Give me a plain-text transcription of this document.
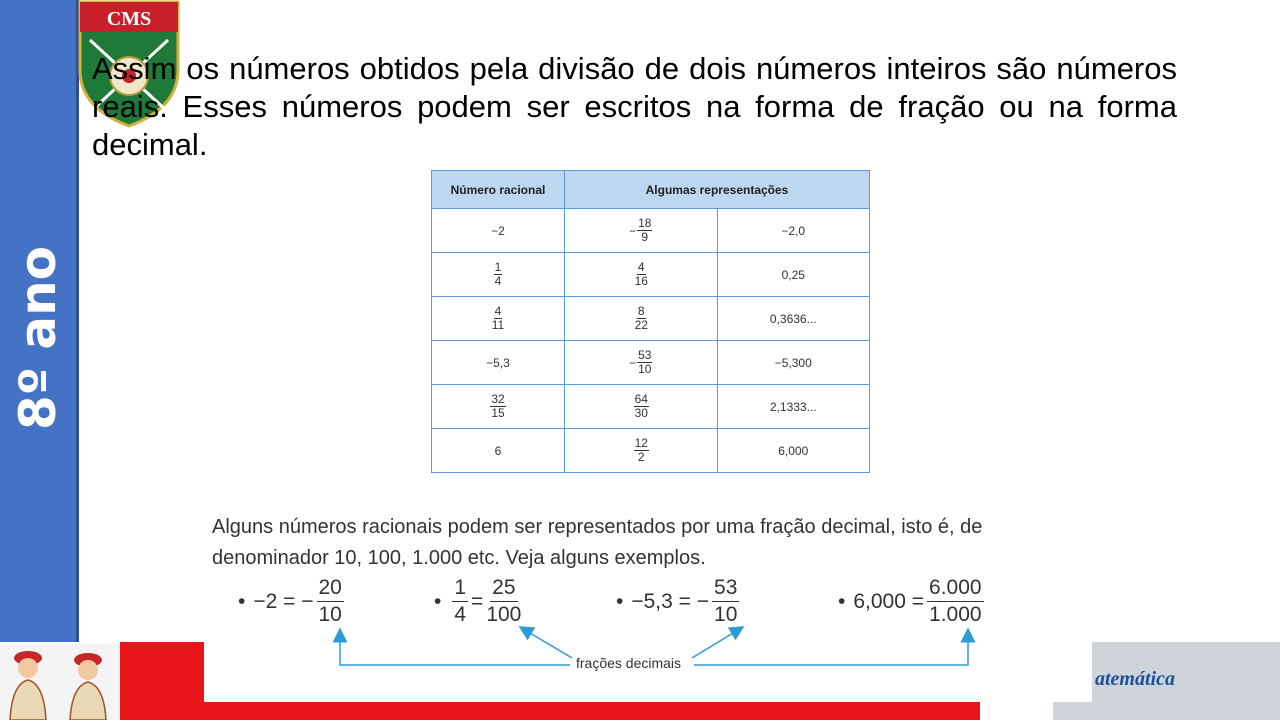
8º ano
CMS

Assim os números obtidos pela divisão de dois números inteiros são números reais. Esses números podem ser escritos na forma de fração ou na forma decimal.

Número racional	Algumas representações	
−2	− $\frac{18}{9}$	−2,0

$\frac{1}{4}$	$\frac{4}{16}$	0,25

$\frac{4}{11}$	$\frac{8}{22}$	0,3636...
−5,3	− $\frac{53}{10}$	−5,300

$\frac{32}{15}$	$\frac{64}{30}$	2,1333...
6	$\frac{12}{2}$	6,000
atemática

Alguns números racionais podem ser representados por uma fração decimal, isto é, de denominador 10, 100, 1.000 etc. Veja alguns exemplos.

• −2 = − $\frac{20}{10}$	• $\frac{1}{4} = \frac{25}{100}$	• −5,3 = − $\frac{53}{10}$	• $6,000 = \frac{6.000}{1.000}$
frações decimais
